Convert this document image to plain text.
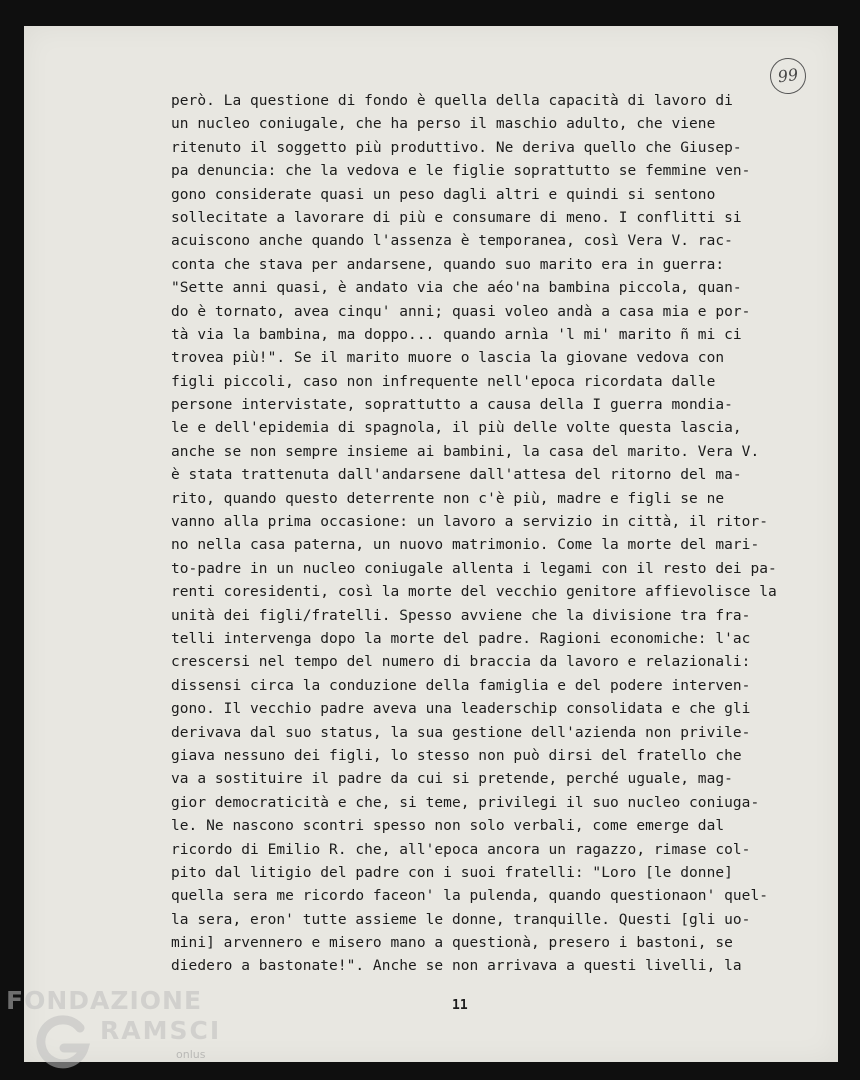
99
però. La questione di fondo è quella della capacità di lavoro di
un nucleo coniugale, che ha perso il maschio adulto, che viene
ritenuto il soggetto più produttivo. Ne deriva quello che Giusep-
pa denuncia: che la vedova e le figlie soprattutto se femmine ven-
gono considerate quasi un peso dagli altri e quindi si sentono
sollecitate a lavorare di più e consumare di meno. I conflitti si
acuiscono anche quando l'assenza è temporanea, così Vera V. rac-
conta che stava per andarsene, quando suo marito era in guerra:
"Sette anni quasi, è andato via che aéo'na bambina piccola, quan-
do è tornato, avea cinqu' anni; quasi voleo andà a casa mia e por-
tà via la bambina, ma doppo... quando arnìa 'l mi' marito ñ mi ci
trovea più!". Se il marito muore o lascia la giovane vedova con
figli piccoli, caso non infrequente nell'epoca ricordata dalle
persone intervistate, soprattutto a causa della I guerra mondia-
le e dell'epidemia di spagnola, il più delle volte questa lascia,
anche se non sempre insieme ai bambini, la casa del marito. Vera V.
è stata trattenuta dall'andarsene dall'attesa del ritorno del ma-
rito, quando questo deterrente non c'è più, madre e figli se ne
vanno alla prima occasione: un lavoro a servizio in città, il ritor-
no nella casa paterna, un nuovo matrimonio. Come la morte del mari-
to-padre in un nucleo coniugale allenta i legami con il resto dei pa-
renti coresidenti, così la morte del vecchio genitore affievolisce la
unità dei figli/fratelli. Spesso avviene che la divisione tra fra-
telli intervenga dopo la morte del padre. Ragioni economiche: l'ac
crescersi nel tempo del numero di braccia da lavoro e relazionali:
dissensi circa la conduzione della famiglia e del podere interven-
gono. Il vecchio padre aveva una leaderschip consolidata e che gli
derivava dal suo status, la sua gestione dell'azienda non privile-
giava nessuno dei figli, lo stesso non può dirsi del fratello che
va a sostituire il padre da cui si pretende, perché uguale, mag-
gior democraticità e che, si teme, privilegi il suo nucleo coniuga-
le. Ne nascono scontri spesso non solo verbali, come emerge dal
ricordo di Emilio R. che, all'epoca ancora un ragazzo, rimase col-
pito dal litigio del padre con i suoi fratelli: "Loro [le donne]
quella sera me ricordo faceon' la pulenda, quando questionaon' quel-
la sera, eron' tutte assieme le donne, tranquille. Questi [gli uo-
mini] arvennero e misero mano a questionà, presero i bastoni, se
diedero a bastonate!". Anche se non arrivava a questi livelli, la
11
FONDAZIONE
RAMSCI
onlus
